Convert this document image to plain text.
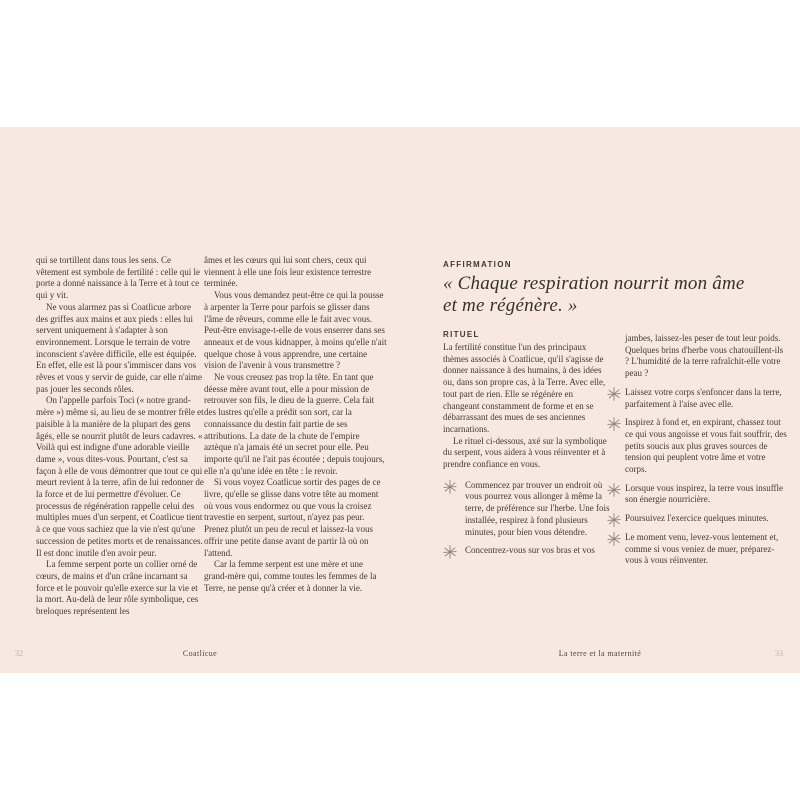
qui se tortillent dans tous les sens. Ce vêtement est symbole de fertilité : celle qui le porte a donné naissance à la Terre et à tout ce qui y vit.

Ne vous alarmez pas si Coatlicue arbore des griffes aux mains et aux pieds : elles lui servent uniquement à s'adapter à son environnement. Lorsque le terrain de votre inconscient s'avère difficile, elle est équipée. En effet, elle est là pour s'immiscer dans vos rêves et vous y servir de guide, car elle n'aime pas jouer les seconds rôles.

On l'appelle parfois Toci (« notre grand-mère ») même si, au lieu de se montrer frêle et paisible à la manière de la plupart des gens âgés, elle se nourrit plutôt de leurs cadavres. « Voilà qui est indigne d'une adorable vieille dame », vous dites-vous. Pourtant, c'est sa façon à elle de vous démontrer que tout ce qui meurt revient à la terre, afin de lui redonner de la force et de lui permettre d'évoluer. Ce processus de régénération rappelle celui des multiples mues d'un serpent, et Coatlicue tient à ce que vous sachiez que la vie n'est qu'une succession de petites morts et de renaissances. Il est donc inutile d'en avoir peur.

La femme serpent porte un collier orné de cœurs, de mains et d'un crâne incarnant sa force et le pouvoir qu'elle exerce sur la vie et la mort. Au-delà de leur rôle symbolique, ces breloques représentent les

âmes et les cœurs qui lui sont chers, ceux qui viennent à elle une fois leur existence terrestre terminée.

Vous vous demandez peut-être ce qui la pousse à arpenter la Terre pour parfois se glisser dans l'âme de rêveurs, comme elle le fait avec vous. Peut-être envisage-t-elle de vous enserrer dans ses anneaux et de vous kidnapper, à moins qu'elle n'ait quelque chose à vous apprendre, une certaine vision de l'avenir à vous transmettre ?

Ne vous creusez pas trop la tête. En tant que déesse mère avant tout, elle a pour mission de retrouver son fils, le dieu de la guerre. Cela fait des lustres qu'elle a prédit son sort, car la connaissance du destin fait partie de ses attributions. La date de la chute de l'empire aztèque n'a jamais été un secret pour elle. Peu importe qu'il ne l'ait pas écoutée ; depuis toujours, elle n'a qu'une idée en tête : le revoir.

Si vous voyez Coatlicue sortir des pages de ce livre, qu'elle se glisse dans votre tête au moment où vous vous endormez ou que vous la croisez travestie en serpent, surtout, n'ayez pas peur. Prenez plutôt un peu de recul et laissez-la vous offrir une petite danse avant de partir là où on l'attend.

Car la femme serpent est une mère et une grand-mère qui, comme toutes les femmes de la Terre, ne pense qu'à créer et à donner la vie.

AFFIRMATION
« Chaque respiration nourrit mon âme et me régénère. »
RITUEL

La fertilité constitue l'un des principaux thèmes associés à Coatlicue, qu'il s'agisse de donner naissance à des humains, à des idées ou, dans son propre cas, à la Terre. Avec elle, tout part de rien. Elle se régénère en changeant constamment de forme et en se débarrassant des mues de ses anciennes incarnations.

Le rituel ci-dessous, axé sur la symbolique du serpent, vous aidera à vous réinventer et à prendre confiance en vous.

Commencez par trouver un endroit où vous pourrez vous allonger à même la terre, de préférence sur l'herbe. Une fois installée, respirez à fond plusieurs minutes, pour bien vous détendre.
Concentrez-vous sur vos bras et vos

jambes, laissez-les peser de tout leur poids. Quelques brins d'herbe vous chatouillent-ils ? L'humidité de la terre rafraîchit-elle votre peau ?

Laissez votre corps s'enfoncer dans la terre, parfaitement à l'aise avec elle.
Inspirez à fond et, en expirant, chassez tout ce qui vous angoisse et vous fait souffrir, des petits soucis aux plus graves sources de tension qui peuplent votre âme et votre corps.
Lorsque vous inspirez, la terre vous insuffle son énergie nourricière.
Poursuivez l'exercice quelques minutes.
Le moment venu, levez-vous lentement et, comme si vous veniez de muer, préparez-vous à vous réinventer.
32	Coatlicue	La terre et la maternité	33
